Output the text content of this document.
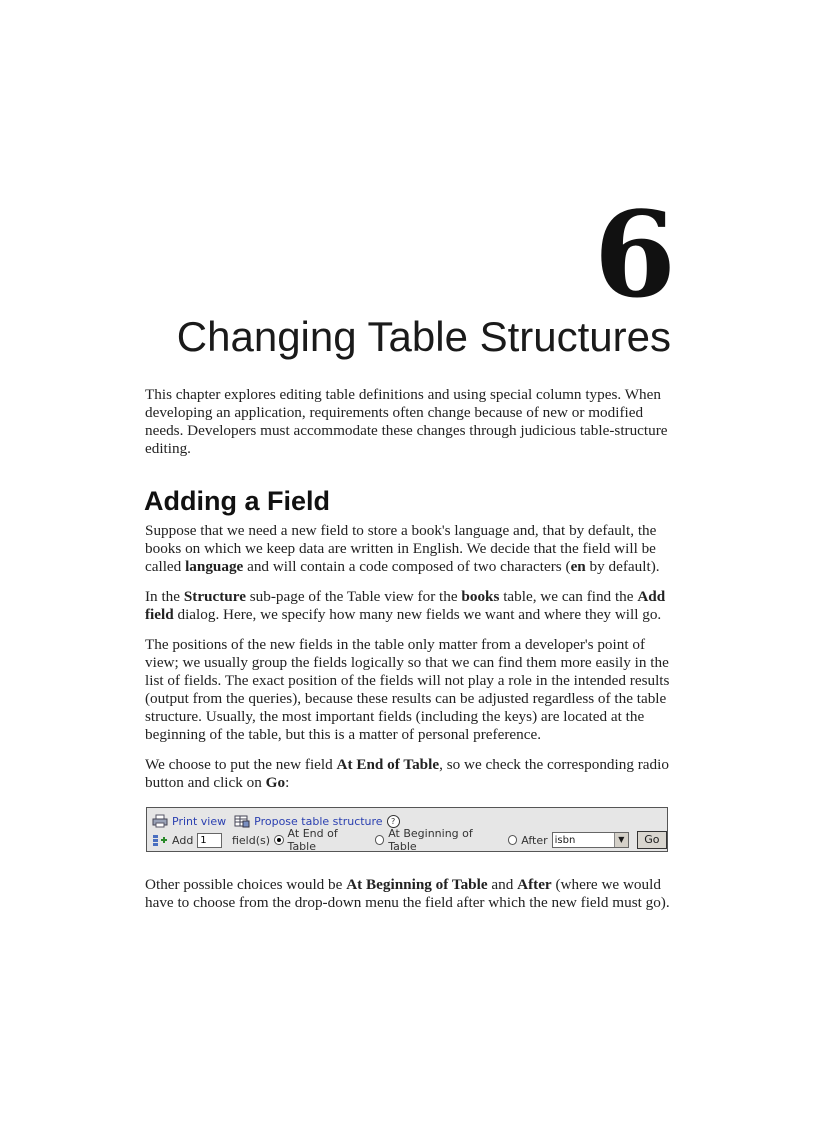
6
Changing Table Structures

This chapter explores editing table definitions and using special column types. When developing an application, requirements often change because of new or modified needs. Developers must accommodate these changes through judicious table-structure editing.

Adding a Field

Suppose that we need a new field to store a book's language and, that by default, the books on which we keep data are written in English. We decide that the field will be called language and will contain a code composed of two characters (en by default).

In the Structure sub-page of the Table view for the books table, we can find the Add field dialog. Here, we specify how many new fields we want and where they will go.

The positions of the new fields in the table only matter from a developer's point of view; we usually group the fields logically so that we can find them more easily in the list of fields. The exact position of the fields will not play a role in the intended results (output from the queries), because these results can be adjusted regardless of the table structure. Usually, the most important fields (including the keys) are located at the beginning of the table, but this is a matter of personal preference.

We choose to put the new field At End of Table, so we check the corresponding radio button and click on Go:

Print view	Propose table structure	?
Add 1	field(s) At End of Table
At Beginning of Table	After isbn	▼	Go

Other possible choices would be At Beginning of Table and After (where we would have to choose from the drop-down menu the field after which the new field must go).
